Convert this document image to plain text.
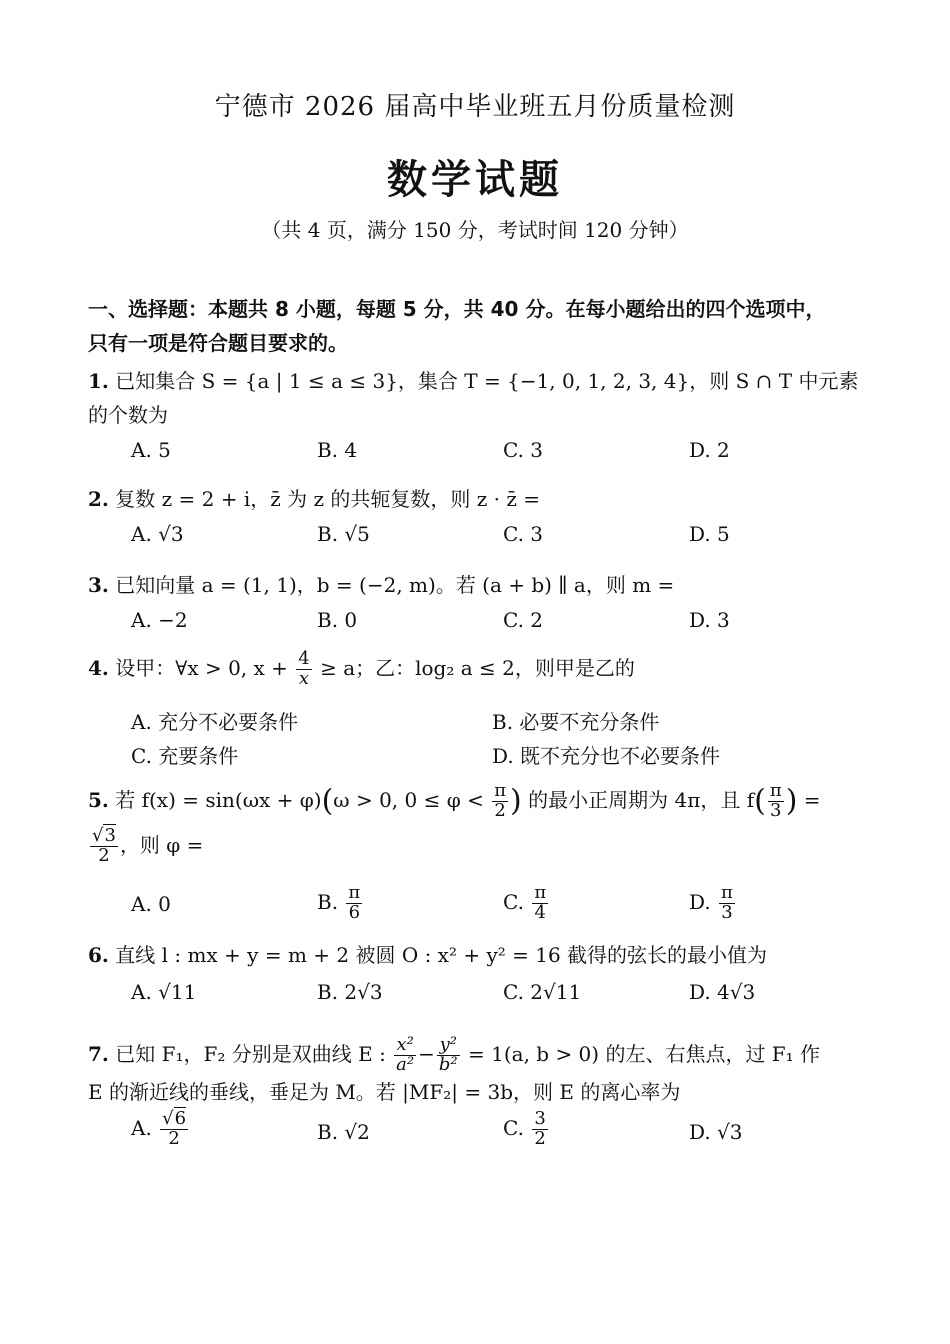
宁德市 2026 届高中毕业班五月份质量检测
数学试题
（共 4 页，满分 150 分，考试时间 120 分钟）
一、选择题：本题共 8 小题，每题 5 分，共 40 分。在每小题给出的四个选项中，
只有一项是符合题目要求的。
1. 已知集合 S = {a | 1 ≤ a ≤ 3}，集合 T = {−1, 0, 1, 2, 3, 4}，则 S ∩ T 中元素
的个数为
A. 5	B. 4	C. 3	D. 2
2. 复数 z = 2 + i，z̄ 为 z 的共轭复数，则 z · z̄ =
A. √3	B. √5	C. 3	D. 5
3. 已知向量 a = (1, 1)，b = (−2, m)。若 (a + b) ∥ a，则 m =
A. −2	B. 0	C. 2	D. 3
4. 设甲：∀x > 0, $x + \frac{4}{x} \ge a$；乙：log₂ a ≤ 2，则甲是乙的
A. 充分不必要条件	B. 必要不充分条件
C. 充要条件	D. 既不充分也不必要条件
5. 若 f(x) = sin(ωx + φ)(ω > 0, $0 \le \varphi < \frac{\pi}{2}$ ) 的最小正周期为 4π，且 $f( \frac{\pi}{3}$ ) =
$\frac{√3}{2}$ ，则 φ =
A. 0	B. $\frac{\pi}{6}$	C. $\frac{\pi}{4}$	D. $\frac{\pi}{3}$
6. 直线 l : mx + y = m + 2 被圆 O : x² + y² = 16 截得的弦长的最小值为
A. √11	B. 2√3	C. 2√11	D. 4√3
7. 已知 F₁，F₂ 分别是双曲线 E : $\frac{\text{x²}}{\text{a²}} - \frac{\text{y²}}{\text{b²}} = 1(a$, b > 0) 的左、右焦点，过 F₁ 作
E 的渐近线的垂线，垂足为 M。若 |MF₂| = 3b，则 E 的离心率为
A. $\frac{√6}{2}$	B. √2	C. $\frac{3}{2}$	D. √3
